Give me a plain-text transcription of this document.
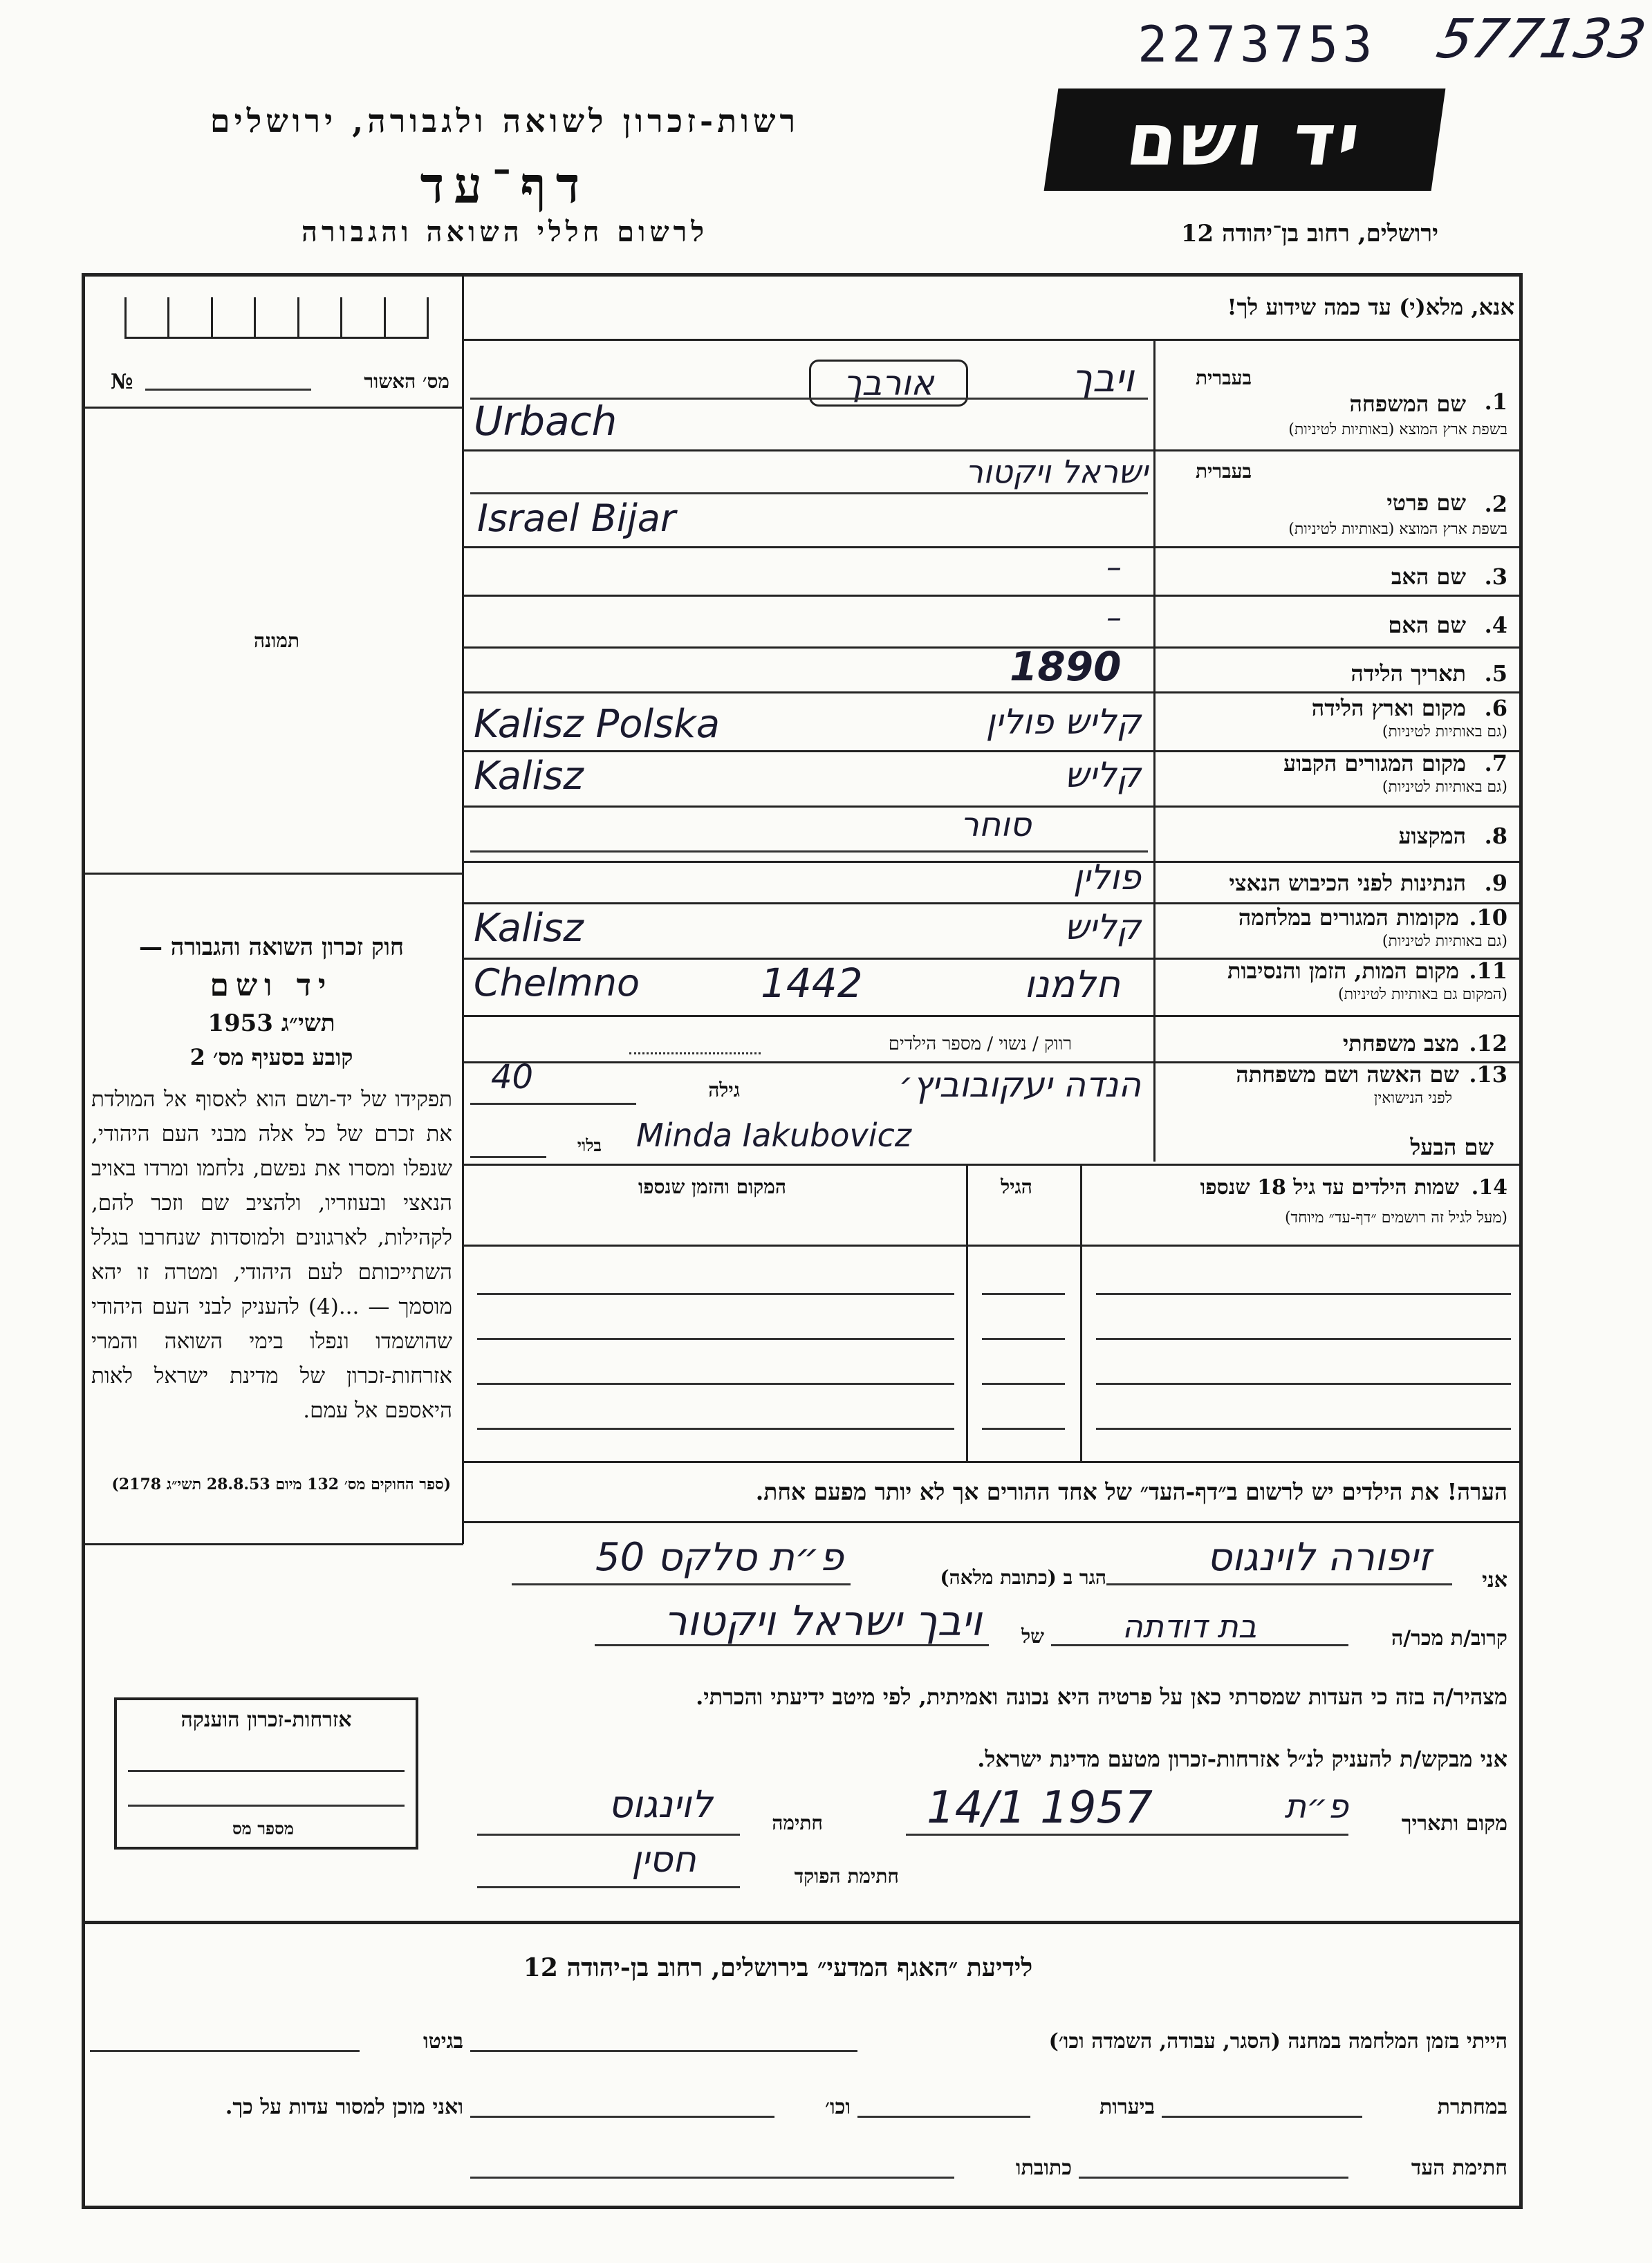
2273753 577133
רשות-זכרון לשואה ולגבורה, ירושלים
דף־עד
לרשום חללי השואה והגבורה
יד ושם
ירושלים, רחוב בן־יהודה 12
מס׳ האשור
№
תמונה
חוק זכרון השואה והגבורה —
יד ושם
תשי״ג 1953
קובע בסעיף מס׳ 2
תפקידו של יד-ושם הוא לאסוף אל המולדת את זכרם של כל אלה מבני העם היהודי, שנפלו ומסרו את נפשם, נלחמו ומרדו באויב הנאצי ובעוזריו, ולהציב שם וזכר להם, לקהילות, לארגונים ולמוסדות שנחרבו בגלל השתייכותם לעם היהודי, ומטרה זו יהא מוסמך — ...(4) להעניק לבני העם היהודי שהושמדו ונפלו בימי השואה והמרי אזרחות-זכרון של מדינת ישראל לאות היאספם אל עמם.
(ספר החוקים מס׳ 132 מיום 28.8.53 תשי״ג 2178)
אזרחות-זכרון הוענקה
מספר מס
אנא, מלא(י) עד כמה שידוע לך!
בעברית
1.
שם המשפחה
בשפת ארץ המוצא (באותיות לטיניות)
אורבך	ויבך
Urbach
בעברית
2.
שם פרטי
בשפת ארץ המוצא (באותיות לטיניות)
ישראל ויקטור
Israel Bijar
3.
שם האב
–
4.
שם האם
–
5.
תאריך הלידה
1890
6.
מקום וארץ הלידה
(גם באותיות לטיניות)
Kalisz Polska	קליש פולין
7.
מקום המגורים הקבוע
(גם באותיות לטיניות)
Kalisz	קליש
8.
המקצוע
סוחר
9.
הנתינות לפני הכיבוש הנאצי
פולין
10.
מקומות המגורים במלחמה
(גם באותיות לטיניות)
Kalisz	קליש
11.
מקום המות, הזמן והנסיבות
(המקום גם באותיות לטיניות)
Chelmno	1442	חלמנו
12.
מצב משפחתי
רווק / נשוי / מספר הילדים
13.
שם האשה ושם משפחתה
לפני הנישואין
הנדה יעקובוביץ׳
גילה
40
בלוי Minda Iakubovicz	שם הבעל
14.
שמות הילדים עד גיל 18 שנספו
(מעל לגיל זה רושמים ״דף-עד״ מיוחד)
הגיל
המקום והזמן שנספו
הערה! את הילדים יש לרשום ב״דף-העד״ של אחד ההורים אך לא יותר מפעם אחת.
אני
זיפורה לוינגוס
הגר ב (כתובת מלאה)
פ״ת סלקס 50
קרוב/ת מכר/ה
בת דודתה
של
ויבך ישראל ויקטור
מצהיר/ה בזה כי העדות שמסרתי כאן על פרטיה היא נכונה ואמיתית, לפי מיטב ידיעתי והכרתי.
אני מבקש/ת להעניק לנ״ל אזרחות-זכרון מטעם מדינת ישראל.
מקום ותאריך
פ״ת
14/1 1957
חתימה
לוינגוס
חתימת הפוקד
חסין
לידיעת ״האגף המדעי״ בירושלים, רחוב בן-יהודה 12
הייתי בזמן המלחמה במחנה (הסגר, עבודה, השמדה וכו׳)
בגיטו
במחתרת
ביערות
וכו׳
ואני מוכן למסור עדות על כך.
חתימת העד
כתובתו
